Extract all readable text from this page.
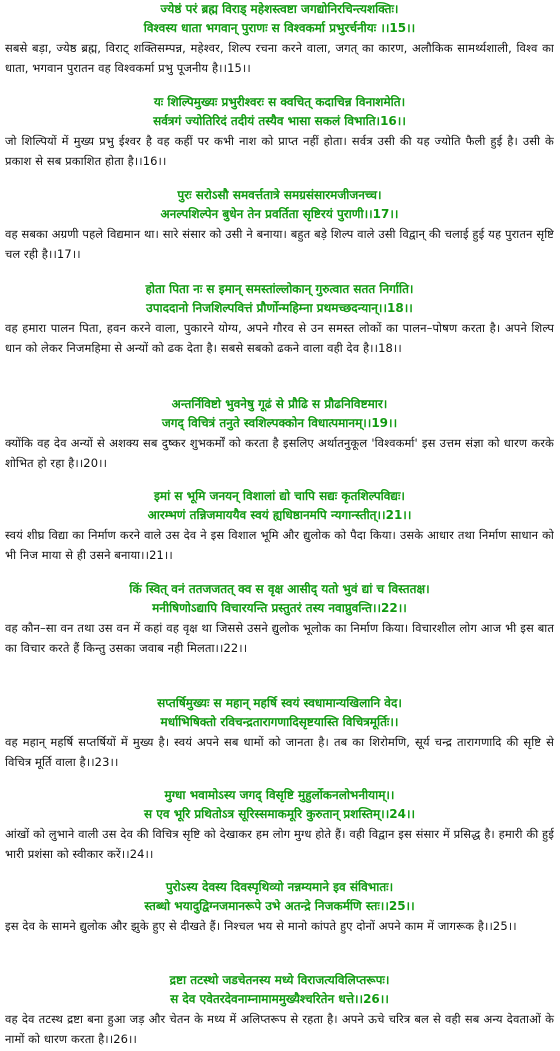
ज्येष्ठं परं ब्रह्म विराड् महेशस्त्वष्टा जगद्योनिरचिन्त्यशक्तिः।

विश्वस्य धाता भगवान् पुराणः स विश्वकर्मा प्रभुरर्चनीयः ।।15।।

सबसे बड़ा, ज्येष्ठ ब्रह्म, विराट् शक्तिसम्पन्न, महेश्वर, शिल्प रचना करने वाला, जगत् का कारण, अलौकिक सामर्थ्यशाली, विश्व का धाता, भगवान पुरातन वह विश्वकर्मा प्रभु पूजनीय है।।15।।

यः शिल्पिमुख्यः प्रभुरीश्वरः स क्वचित् कदाचिन्न विनाशमेति।

सर्वत्रगं ज्योतिरिदं तदीयं तस्यैव भासा सकलं विभाति।16।।

जो शिल्पियों में मुख्य प्रभु ईश्वर है वह कहीं पर कभी नाश को प्राप्त नहीं होता। सर्वत्र उसी की यह ज्योति फैली हुई है। उसी के प्रकाश से सब प्रकाशित होता है।।16।।

पुरः सरोऽसौ समवर्त्ततात्रे समग्रसंसारमजीजनच्च।

अनल्पशिल्पेन बुधेन तेन प्रवर्तिता सृष्टिरयं पुराणी।।17।।

वह सबका अग्रणी पहले विद्यमान था। सारे संसार को उसी ने बनाया। बहुत बड़े शिल्प वाले उसी विद्वान् की चलाई हुई यह पुरातन सृष्टि चल रही है।।17।।

होता पिता नः स इमान् समस्तांल्लोकान् गुरुत्वात सतत निर्गाति।

उपाददानो निजशिल्पवित्तं प्रौर्णोन्महिम्ना प्रथमच्छदन्यान्।।18।।

वह हमारा पालन पिता, हवन करने वाला, पुकारने योग्य, अपने गौरव से उन समस्त लोकों का पालन–पोषण करता है। अपने शिल्प धान को लेकर निजमहिमा से अन्यों को ढक देता है। सबसे सबको ढकने वाला वही देव है।।18।।

अन्तर्निविष्टो भुवनेषु गूढं से प्रौढि स प्रौढनिविष्टमार।

जगद् विचित्रं तनुते स्वशिल्पक्कोन विधात्पमानम्।।19।।

क्योंकि वह देव अन्यों से अशक्य सब दुष्कर शुभकर्मों को करता है इसलिए अर्थातनुकूल 'विश्वकर्मा' इस उत्तम संज्ञा को धारण करके शोभित हो रहा है।।20।।

इमां स भूमि जनयन् विशालां द्यो चापि सद्यः कृतशिल्पविद्यः।

आरम्भणं तन्निजमाययैव स्वयं ह्यधिष्ठानमपि न्यगान्स्तीत्।।21।।

स्वयं शीघ्र विद्या का निर्माण करने वाले उस देव ने इस विशाल भूमि और द्युलोक को पैदा किया। उसके आधार तथा निर्माण साधान को भी निज माया से ही उसने बनाया।।21।।

किं स्वित् वनं ततजजतत् क्व स वृक्ष आसीद् यतो भुवं द्यां च विस्ततक्ष।

मनीषिणोऽद्यापि विचारयन्ति प्रस्तुतरं तस्य नवाप्नुवन्ति।।22।।

वह कौन–सा वन तथा उस वन में कहां वह वृक्ष था जिससे उसने द्युलोक भूलोक का निर्माण किया। विचारशील लोग आज भी इस बात का विचार करते हैं किन्तु उसका जवाब नही मिलता।।22।।

सप्तर्षिमुख्यः स महान् महर्षि स्वयं स्वधामान्यखिलानि वेद।

मर्धाभिषिक्तो रविचन्द्रतारागणादिसृष्टयास्ति विचित्रमूर्तिः।।

वह महान् महर्षि सप्तर्षियों में मुख्य है। स्वयं अपने सब धामों को जानता है। तब का शिरोमणि, सूर्य चन्द्र तारागणादि की सृष्टि से विचित्र मूर्ति वाला है।।23।।

मुग्धा भवामोऽस्य जगद् विसृष्टि मुहुर्लोकनलोभनीयाम्।।

स एव भूरि प्रथितोऽत्र सूरिस्समाकमूरि कुरुतान् प्रशस्तिम्।।24।।

आंखों को लुभाने वाली उस देव की विचित्र सृष्टि को देखाकर हम लोग मुग्ध होते हैं। वही विद्वान इस संसार में प्रसिद्ध है। हमारी की हुई भारी प्रशंसा को स्वीकार करें।।24।।

पुरोऽस्य देवस्य दिवस्पृथिव्यो नन्नम्यमाने इव संविभातः।

स्तब्धो भयादुद्विग्नजमानरूपे उभे अतन्द्रे निजकर्मणि स्तः।।25।।

इस देव के सामने द्युलोक और झुके हुए से दीखते हैं। निश्चल भय से मानो कांपते हुए दोनों अपने काम में जागरूक है।।25।।

द्रष्टा तटस्थो जडचेतनस्य मध्ये विराजत्यविलिप्तरूपः।

स देव एवेतरदेवनाम्नामाममुख्यैश्चरितेन धत्ते।।26।।

वह देव तटस्थ द्रष्टा बना हुआ जड़ और चेतन के मध्य में अलिप्तरूप से रहता है। अपने ऊचे चरित्र बल से वही सब अन्य देवताओं के नामों को धारण करता है।।26।।
